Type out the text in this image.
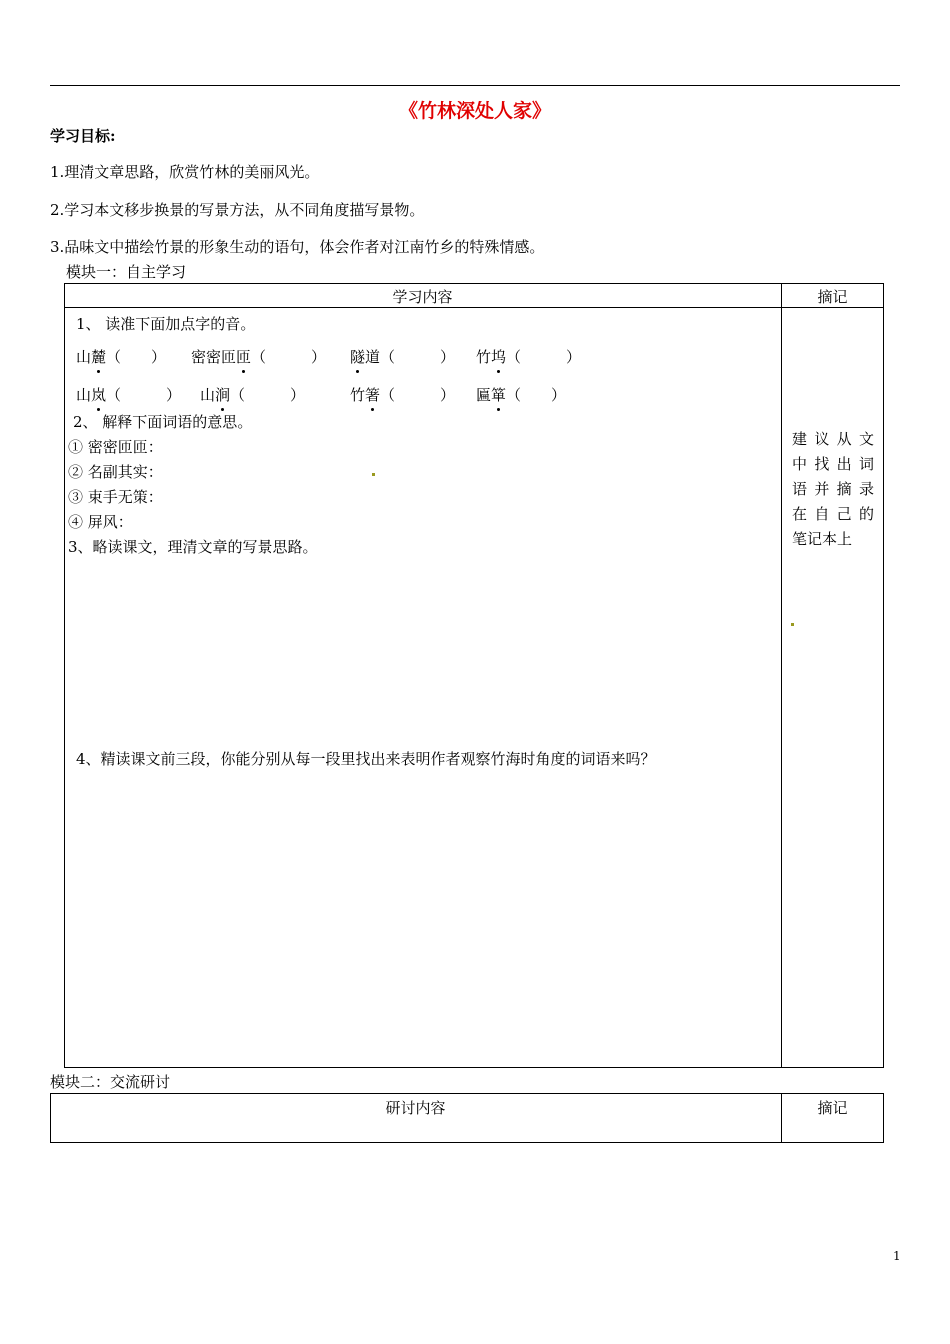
《竹林深处人家》
学习目标:
1.理清文章思路，欣赏竹林的美丽风光。
2.学习本文移步换景的写景方法，从不同角度描写景物。
3.品味文中描绘竹景的形象生动的语句，体会作者对江南竹乡的特殊情感。
模块一：自主学习
学习内容	摘记
1、 读准下面加点字的音。
山麓（　　） 密密匝匝（　　　） 隧道（　　　） 竹坞（　　　）
山岚（　　　） 山涧（　　　）	竹箸（　　　） 匾箪（　　）
2、 解释下面词语的意思。
① 密密匝匝：
② 名副其实：
③ 束手无策：
④ 屏风：
3、略读课文，理清文章的写景思路。
4、精读课文前三段，你能分别从每一段里找出来表明作者观察竹海时角度的词语来吗？
建 议 从 文
中 找 出 词
语 并 摘 录
在 自 己 的
笔记本上
模块二：交流研讨
研讨内容	摘记
1
